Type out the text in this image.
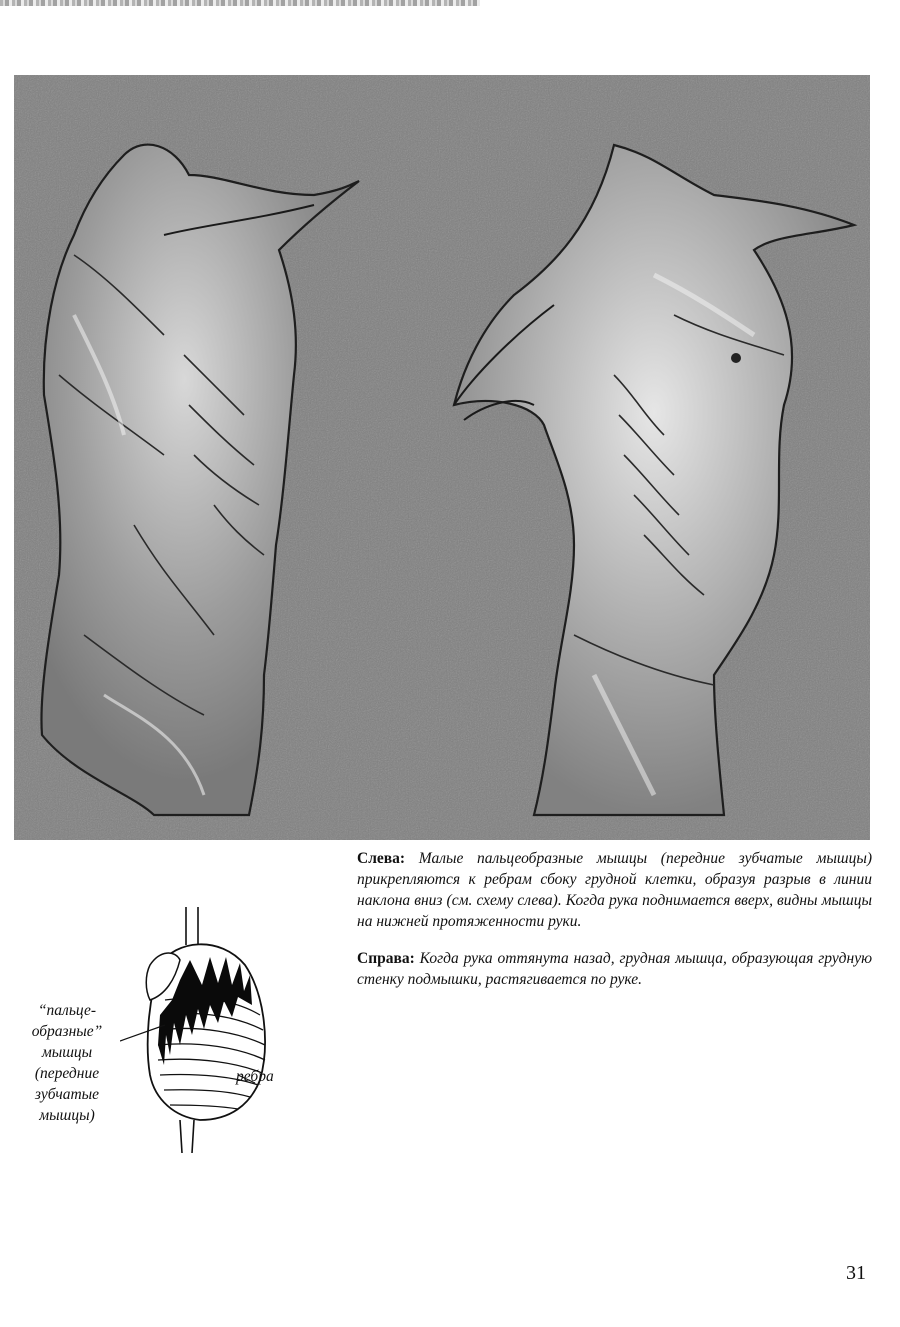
Слева: Малые пальцеобразные мышцы (передние зубчатые мышцы) прикрепляются к ребрам сбоку грудной клетки, образуя разрыв в линии наклона вниз (см. схему слева). Когда рука поднимается вверх, видны мышцы на нижней протяженности руки.

Справа: Когда рука оттянута назад, грудная мышца, образующая грудную стенку подмышки, растягивается по руке.

“пальце-
образные”
мышцы
(передние
зубчатые
мышцы)
ребра
31
